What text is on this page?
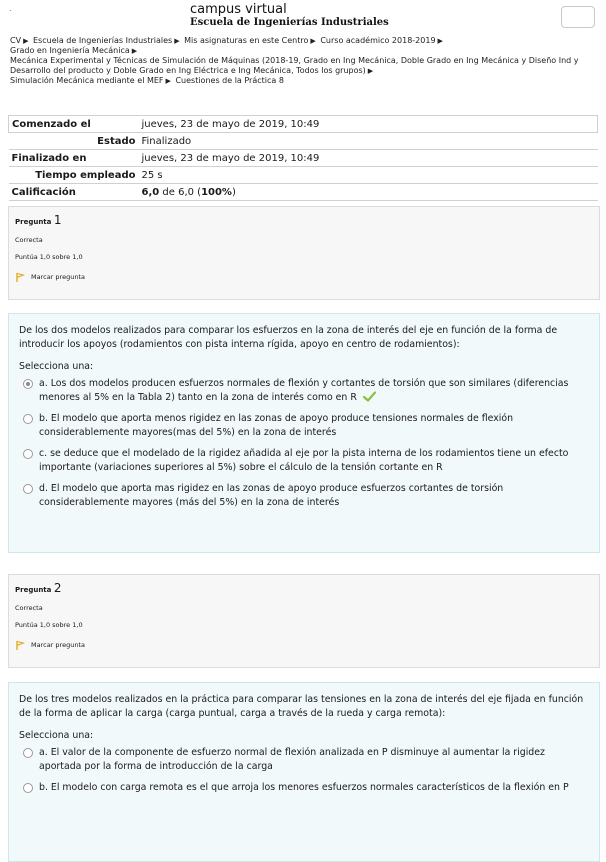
.	campus virtual
Escuela de Ingenierías Industriales
CV ▶ Escuela de Ingenierías Industriales ▶ Mis asignaturas en este Centro ▶ Curso académico 2018-2019 ▶
Grado en Ingeniería Mecánica ▶
Mecánica Experimental y Técnicas de Simulación de Máquinas (2018-19, Grado en Ing Mecánica, Doble Grado en Ing Mecánica y Diseño Ind y Desarrollo del producto y Doble Grado en Ing Eléctrica e Ing Mecánica, Todos los grupos) ▶
Simulación Mecánica mediante el MEF ▶ Cuestiones de la Práctica 8
Comenzado el	jueves, 23 de mayo de 2019, 10:49
Estado	Finalizado
Finalizado en	jueves, 23 de mayo de 2019, 10:49
Tiempo empleado	25 s
Calificación	6,0 de 6,0 (100%)
Pregunta 1
Correcta
Puntúa 1,0 sobre 1,0
Marcar pregunta
De los dos modelos realizados para comparar los esfuerzos en la zona de interés del eje en función de la forma de introducir los apoyos (rodamientos con pista interna rígida, apoyo en centro de rodamientos):
Selecciona una:
a. Los dos modelos producen esfuerzos normales de flexión y cortantes de torsión que son similares (diferencias menores al 5% en la Tabla 2) tanto en la zona de interés como en R
b. El modelo que aporta menos rigidez en las zonas de apoyo produce tensiones normales de flexión considerablemente mayores(mas del 5%) en la zona de interés
c. se deduce que el modelado de la rigidez añadida al eje por la pista interna de los rodamientos tiene un efecto importante (variaciones superiores al 5%) sobre el cálculo de la tensión cortante en R
d. El modelo que aporta mas rigidez en las zonas de apoyo produce esfuerzos cortantes de torsión considerablemente mayores (más del 5%) en la zona de interés
Pregunta 2
Correcta
Puntúa 1,0 sobre 1,0
Marcar pregunta
De los tres modelos realizados en la práctica para comparar las tensiones en la zona de interés del eje fijada en función de la forma de aplicar la carga (carga puntual, carga a través de la rueda y carga remota):
Selecciona una:
a. El valor de la componente de esfuerzo normal de flexión analizada en P disminuye al aumentar la rigidez aportada por la forma de introducción de la carga
b. El modelo con carga remota es el que arroja los menores esfuerzos normales característicos de la flexión en P
